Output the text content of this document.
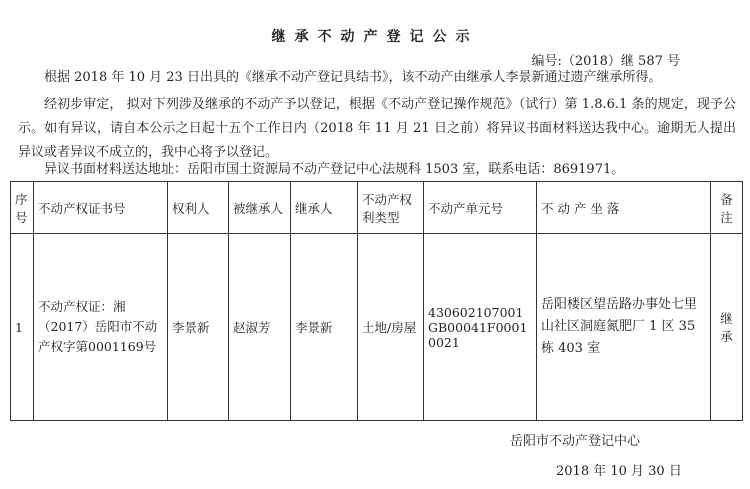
继承不动产登记公示
编号:（2018）继 587 号
根据 2018 年 10 月 23 日出具的《继承不动产登记具结书》，该不动产由继承人李景新通过遗产继承所得。
经初步审定， 拟对下列涉及继承的不动产予以登记，根据《不动产登记操作规范》（试行）第 1.8.6.1 条的规定，现予公示。如有异议，请自本公示之日起十五个工作日内（2018 年 11 月 21 日之前）将异议书面材料送达我中心。逾期无人提出异议或者异议不成立的，我中心将予以登记。
异议书面材料送达地址：岳阳市国土资源局不动产登记中心法规科 1503 室，联系电话：8691971。
序号	不动产权证书号	权利人	被继承人	继承人	不动产权利类型	不动产单元号	不 动 产 坐 落	备注
1	不动产权证：湘（2017）岳阳市不动产权字第0001169号	李景新	赵淑芳	李景新	土地/房屋	430602107001GB00041F00010021	岳阳楼区望岳路办事处七里山社区洞庭氮肥厂 1 区 35 栋 403 室	继承
岳阳市不动产登记中心
2018 年 10 月 30 日
